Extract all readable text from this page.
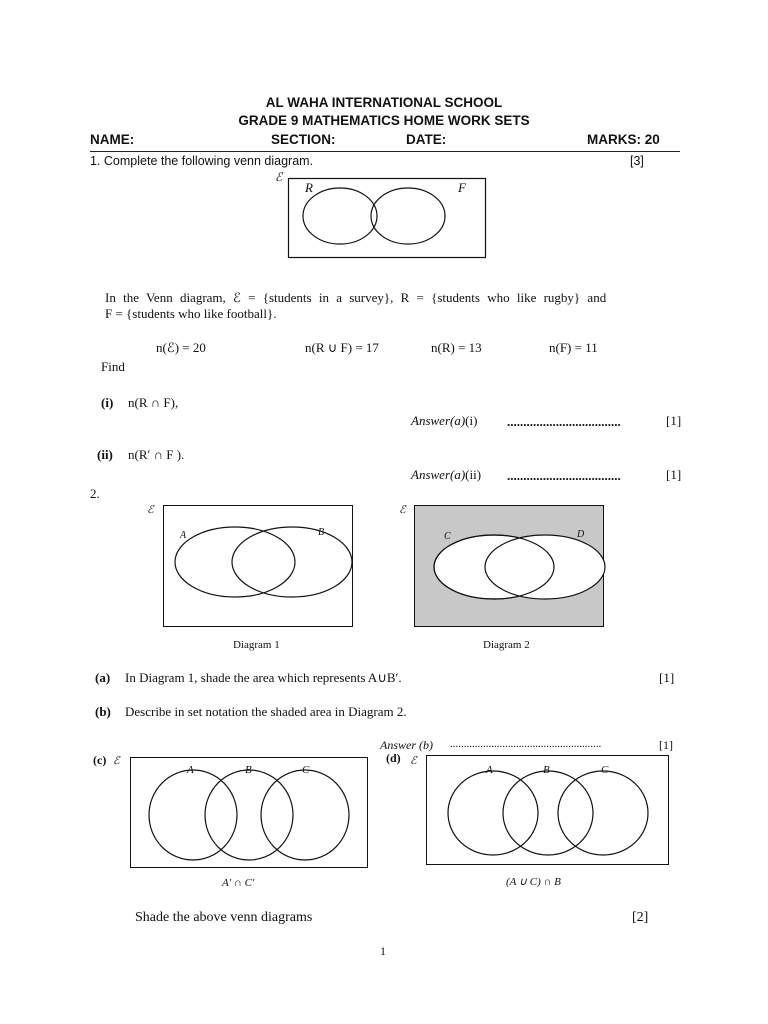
AL WAHA INTERNATIONAL SCHOOL
GRADE 9 MATHEMATICS HOME WORK SETS
NAME:	SECTION:	DATE:	MARKS: 20
1. Complete the following venn diagram.	[3]
ℰ
R	F
In the Venn diagram, ℰ = {students in a survey}, R = {students who like rugby} and
F = {students who like football}.
n(ℰ) = 20	n(R ∪ F) = 17	n(R) = 13	n(F) = 11
Find
(i) n(R ∩ F),
Answer(a)(i) ...................................	[1]
(ii) n(R′ ∩ F ).
Answer(a)(ii) ...................................	[1]
2.
ℰ
A	B
Diagram 1
ℰ
C	D
Diagram 2
(a) In Diagram 1, shade the area which represents A∪B′.	[1]
(b) Describe in set notation the shaded area in Diagram 2.
Answer (b) .......................................................	[1]
(c) ℰ
A	B	C
A′ ∩ C′
(d) ℰ
A	B	C
(A ∪ C) ∩ B
Shade the above venn diagrams	[2]
1
